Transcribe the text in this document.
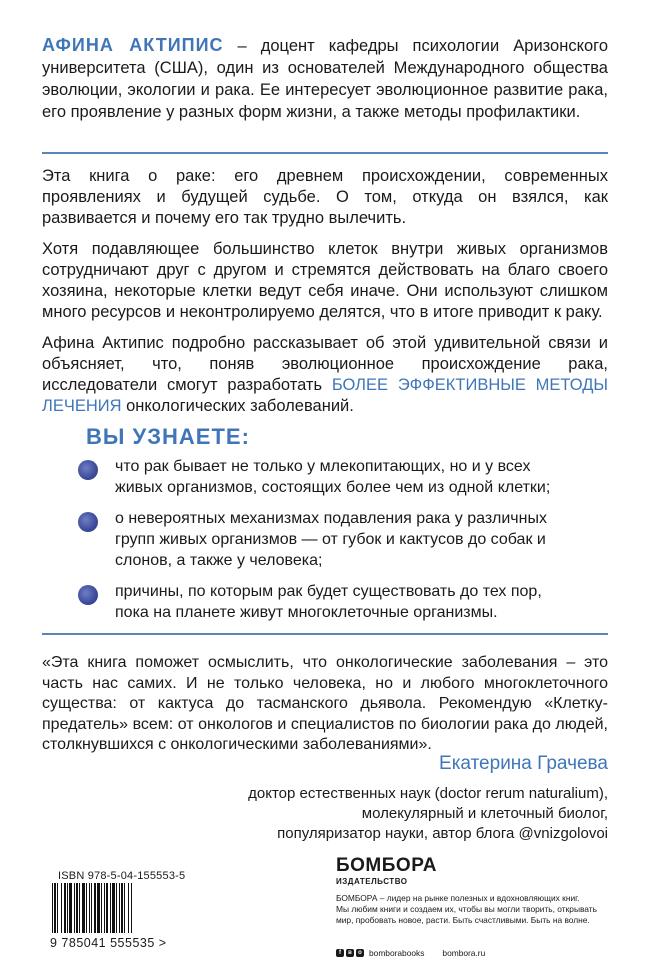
АФИНА АКТИПИС – доцент кафедры психологии Аризонского университета (США), один из основателей Международного общества эволюции, экологии и рака. Ее интересует эволюционное развитие рака, его проявление у разных форм жизни, а также методы профилактики.

Эта книга о раке: его древнем происхождении, современных проявлениях и будущей судьбе. О том, откуда он взялся, как развивается и почему его так трудно вылечить.

Хотя подавляющее большинство клеток внутри живых организмов сотрудничают друг с другом и стремятся действовать на благо своего хозяина, некоторые клетки ведут себя иначе. Они используют слишком много ресурсов и неконтролируемо делятся, что в итоге приводит к раку.

Афина Актипис подробно рассказывает об этой удивительной связи и объясняет, что, поняв эволюционное происхождение рака, исследователи смогут разработать БОЛЕЕ ЭФФЕКТИВНЫЕ МЕТОДЫ ЛЕЧЕНИЯ онкологических заболеваний.

ВЫ УЗНАЕТЕ:
что рак бывает не только у млекопитающих, но и у всех живых организмов, состоящих более чем из одной клетки;
о невероятных механизмах подавления рака у различных групп живых организмов — от губок и кактусов до собак и слонов, а также у человека;
причины, по которым рак будет существовать до тех пор, пока на планете живут многоклеточные организмы.

«Эта книга поможет осмыслить, что онкологические заболевания – это часть нас самих. И не только человека, но и любого многоклеточного существа: от кактуса до тасманского дьявола. Рекомендую «Клетку-предатель» всем: от онкологов и специалистов по биологии рака до людей, столкнувшихся с онкологическими заболеваниями».

Екатерина Грачева
доктор естественных наук (doctor rerum naturalium),
молекулярный и клеточный биолог,
популяризатор науки, автор блога @vnizgolovoi
ISBN 978-5-04-155553-5
9 785041 555535 >
БОМБОРА
ИЗДАТЕЛЬСТВО
БОМБОРА – лидер на рынке полезных и вдохновляющих книг.
Мы любим книги и создаем их, чтобы вы могли творить, открывать
мир, пробовать новое, расти. Быть счастливыми. Быть на волне.
f	в	о bomborabooks bombora.ru
